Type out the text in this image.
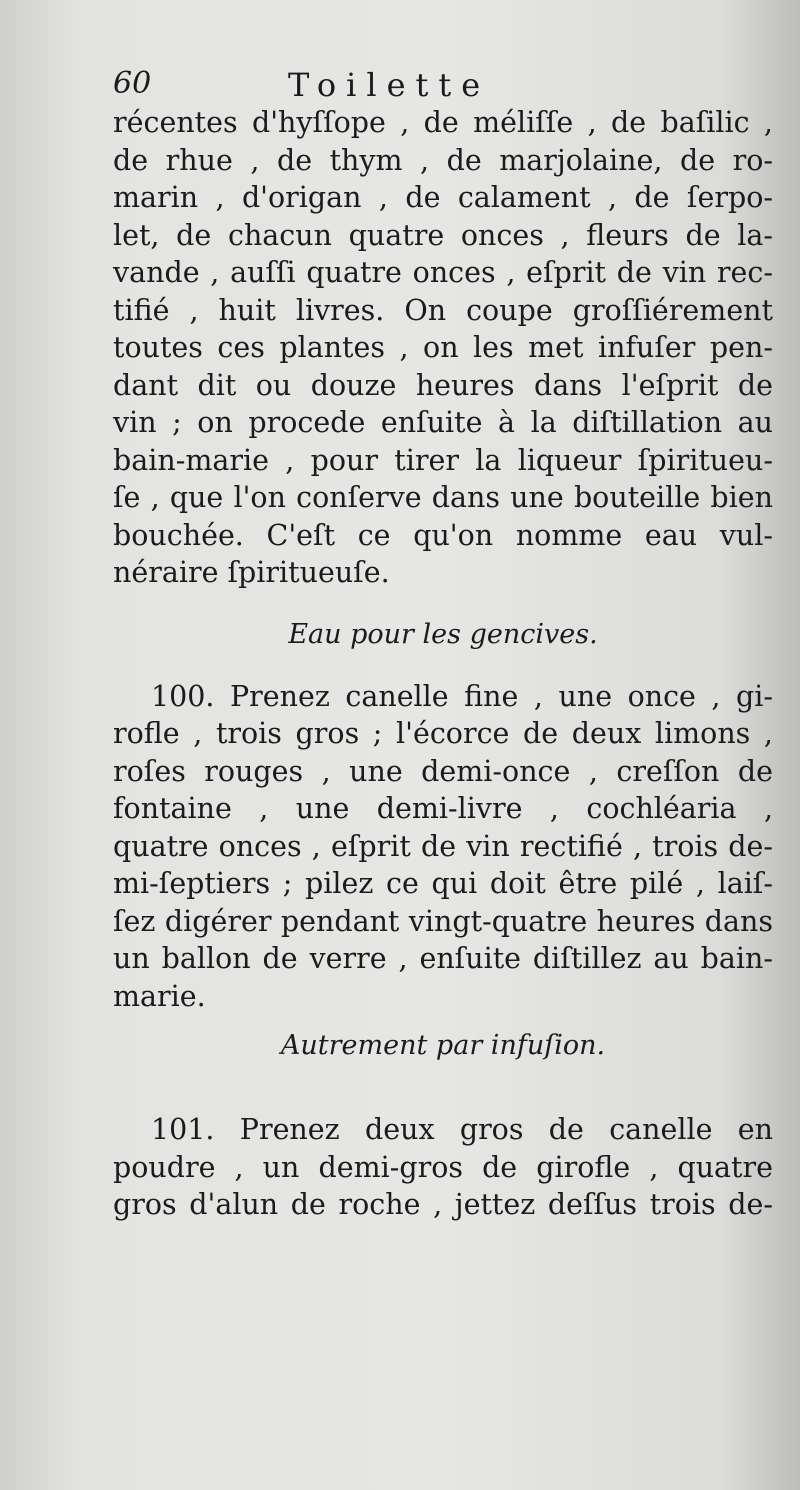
60	Toilette
récentes d'hyſſope , de méliſſe , de baſilic ,
de rhue , de thym , de marjolaine, de ro-
marin , d'origan , de calament , de ſerpo-
let, de chacun quatre onces , fleurs de la-
vande , auſſi quatre onces , eſprit de vin rec-
tifié , huit livres. On coupe groſſiérement
toutes ces plantes , on les met infuſer pen-
dant dit ou douze heures dans l'eſprit de
vin ; on procede enſuite à la diſtillation au
bain-marie , pour tirer la liqueur ſpiritueu-
ſe , que l'on conſerve dans une bouteille bien
bouchée. C'eſt ce qu'on nomme eau vul-
néraire ſpiritueuſe.
Eau pour les gencives.
100. Prenez canelle fine , une once , gi-
rofle , trois gros ; l'écorce de deux limons ,
roſes rouges , une demi-once , creſſon de
fontaine , une demi-livre , cochléaria ,
quatre onces , eſprit de vin rectifié , trois de-
mi-ſeptiers ; pilez ce qui doit être pilé , laiſ-
ſez digérer pendant vingt-quatre heures dans
un ballon de verre , enſuite diſtillez au bain-
marie.
Autrement par infuſion.
101. Prenez deux gros de canelle en
poudre , un demi-gros de girofle , quatre
gros d'alun de roche , jettez deſſus trois de-
